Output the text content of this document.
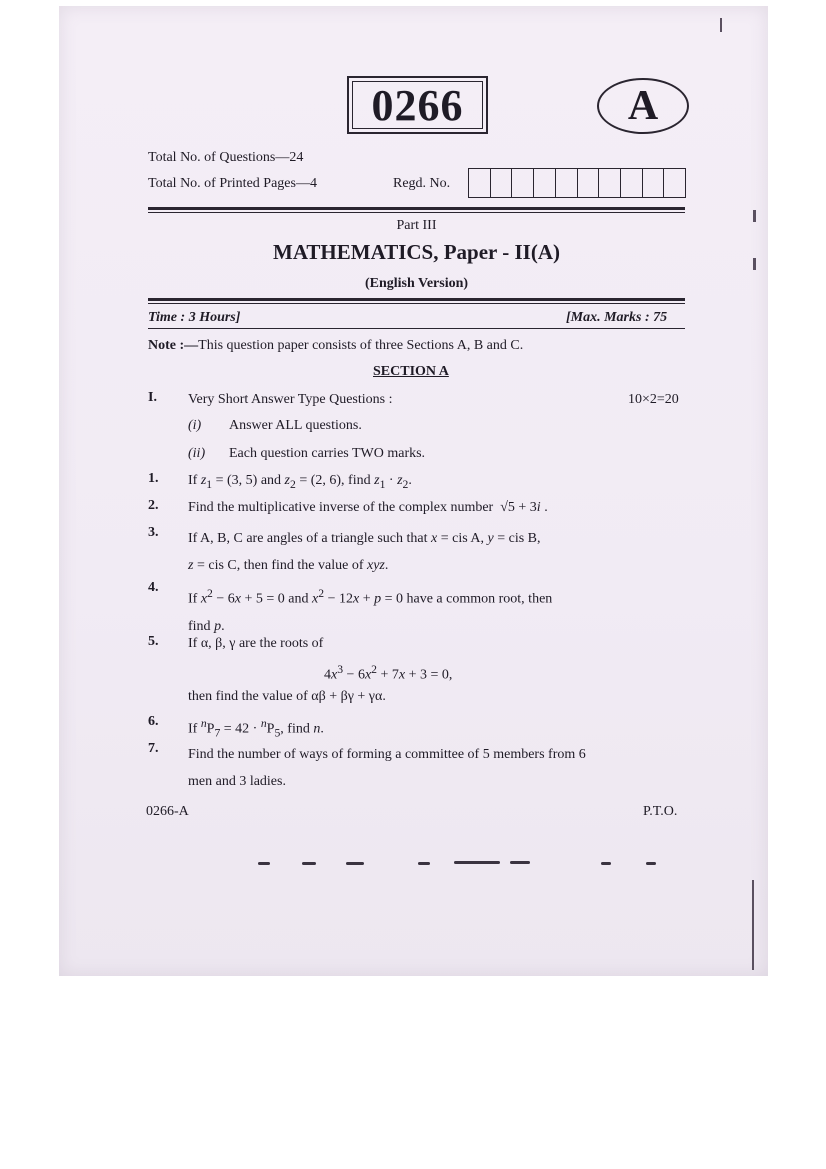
0266	A
Total No. of Questions—24
Total No. of Printed Pages—4	Regd. No.
Part III
MATHEMATICS, Paper - II(A)
(English Version)
Time : 3 Hours]	[Max. Marks : 75
Note :—This question paper consists of three Sections A, B and C.
SECTION A
I. Very Short Answer Type Questions :	10×2=20
(i) Answer ALL questions.
(ii) Each question carries TWO marks.
1. If $z_1 = (3$, 5) and $z_2 = (2$, 6), find $z_1 \cdot z_2$.
2. Find the multiplicative inverse of the complex number  √5 + 3i .
3. If A, B, C are angles of a triangle such that x = cis A, y = cis B,
z = cis C, then find the value of xyz.
4.
If $x^2 - 6x + 5 = 0$ and $x^2 - 12x + p = 0$ have a common root, then
find p.
5. If α, β, γ are the roots of
$4x^3 - 6x^2 + 7x + 3 = 0$,
then find the value of αβ + βγ + γα.
6.
If $^nP_7 = 42 \cdot ^nP_5$, find n.
7. Find the number of ways of forming a committee of 5 members from 6
men and 3 ladies.
0266-A	P.T.O.
